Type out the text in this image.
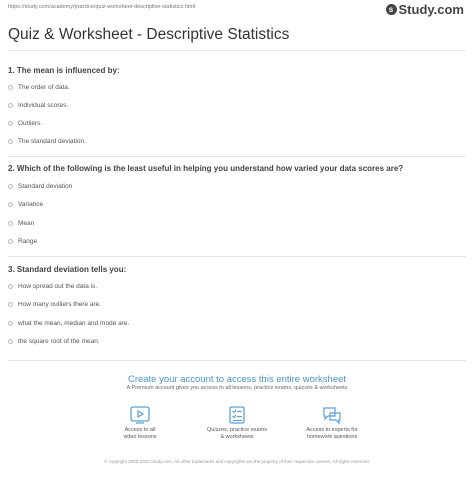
https://study.com/academy/practice/quiz-worksheet-descriptive-statistics.html	s Study.com
Quiz & Worksheet - Descriptive Statistics
1. The mean is influenced by:
The order of data.
Individual scores.
Outliers.
The standard deviation.
2. Which of the following is the least useful in helping you understand how varied your data scores are?
Standard deviation
Variance
Mean
Range
3. Standard deviation tells you:
How spread out the data is.
How many outliers there are.
what the mean, median and mode are.
the square root of the mean.
Create your account to access this entire worksheet
A Premium account gives you access to all lessons, practice exams, quizzes & worksheets
Access to all
video lessons
Quizzes, practice exams
& worksheets
Access to experts for
homework questions
© copyright 2003-2020 Study.com. All other trademarks and copyrights are the property of their respective owners. All rights reserved.
